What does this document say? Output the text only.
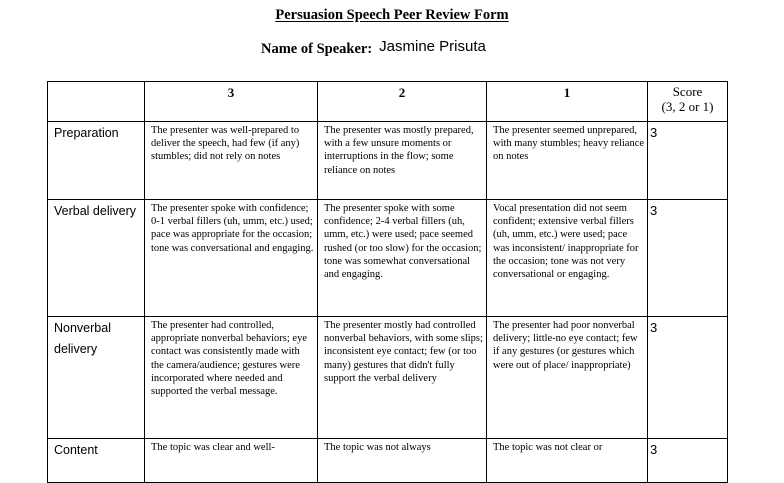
Persuasion Speech Peer Review Form
Name of Speaker: Jasmine Prisuta
	3	2	1	Score
(3, 2 or 1)
Preparation	The presenter was well-prepared to deliver the speech, had few (if any) stumbles; did not rely on notes	The presenter was mostly prepared, with a few unsure moments or interruptions in the flow; some reliance on notes	The presenter seemed unprepared, with many stumbles; heavy reliance on notes	3
Verbal delivery	The presenter spoke with confidence; 0-1 verbal fillers (uh, umm, etc.) used; pace was appropriate for the occasion; tone was conversational and engaging.	The presenter spoke with some confidence; 2-4 verbal fillers (uh, umm, etc.) were used; pace seemed rushed (or too slow) for the occasion; tone was somewhat conversational and engaging.	Vocal presentation did not seem confident; extensive verbal fillers (uh, umm, etc.) were used; pace was inconsistent/ inappropriate for the occasion; tone was not very conversational or engaging.	3
Nonverbal delivery	The presenter had controlled, appropriate nonverbal behaviors; eye contact was consistently made with the camera/audience; gestures were incorporated where needed and supported the verbal message.	The presenter mostly had controlled nonverbal behaviors, with some slips; inconsistent eye contact; few (or too many) gestures that didn't fully support the verbal delivery	The presenter had poor nonverbal delivery; little-no eye contact; few if any gestures (or gestures which were out of place/ inappropriate)	3
Content	The topic was clear and well-	The topic was not always	The topic was not clear or	3
